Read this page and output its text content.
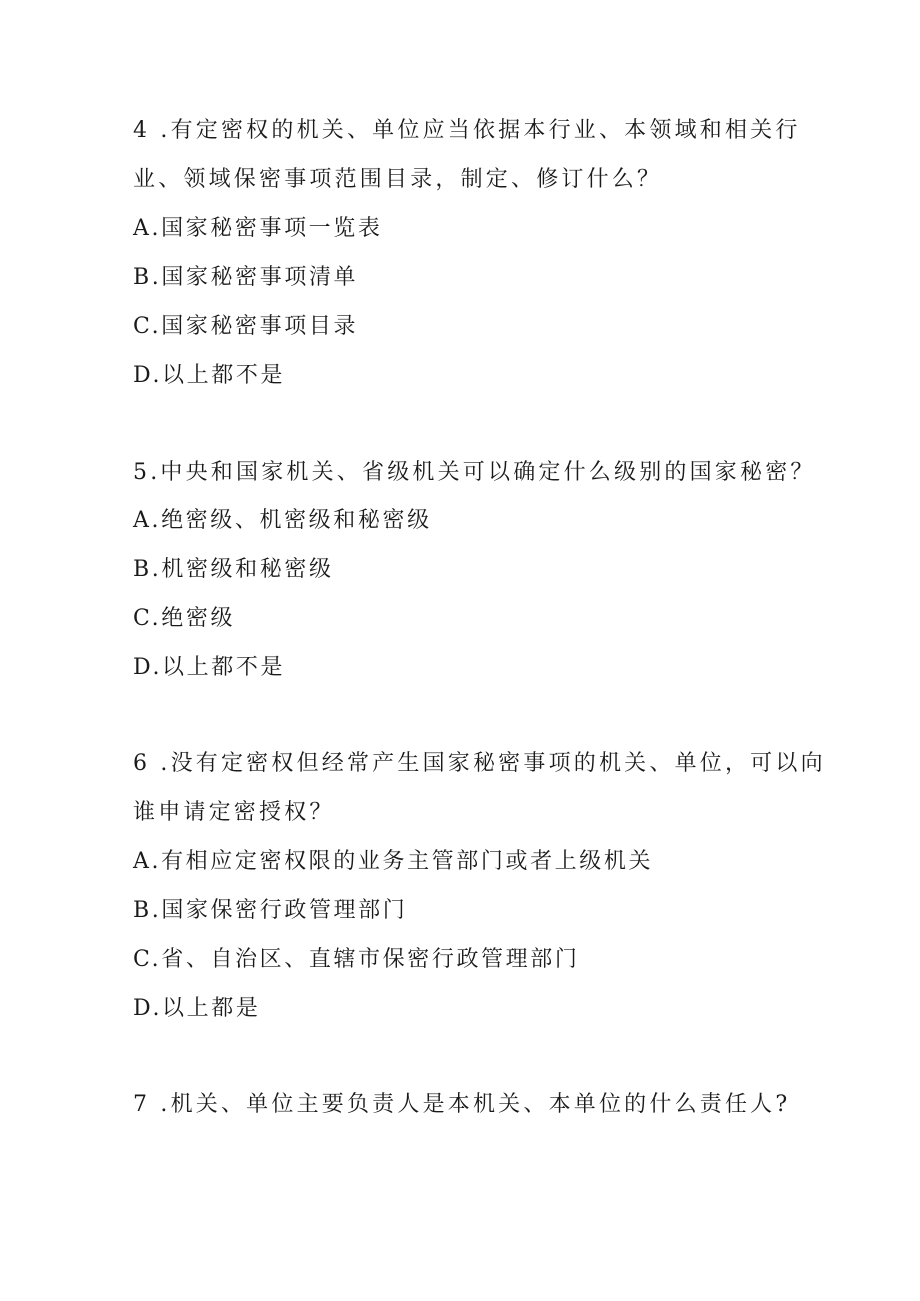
4 .有定密权的机关、单位应当依据本行业、本领域和相关行
业、领域保密事项范围目录，制定、修订什么？
A.国家秘密事项一览表
B.国家秘密事项清单
C.国家秘密事项目录
D.以上都不是
5.中央和国家机关、省级机关可以确定什么级别的国家秘密？
A.绝密级、机密级和秘密级
B.机密级和秘密级
C.绝密级
D.以上都不是
6 .没有定密权但经常产生国家秘密事项的机关、单位，可以向
谁申请定密授权？
A.有相应定密权限的业务主管部门或者上级机关
B.国家保密行政管理部门
C.省、自治区、直辖市保密行政管理部门
D.以上都是
7 .机关、单位主要负责人是本机关、本单位的什么责任人?
